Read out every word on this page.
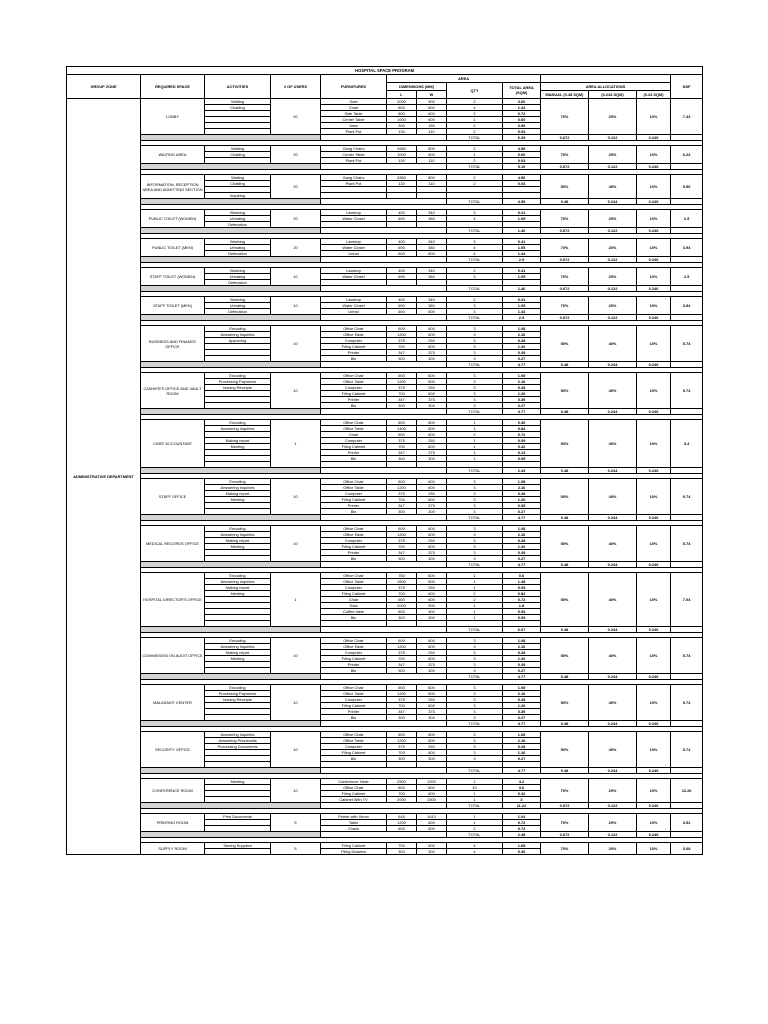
HOSPITAL SPACE PROGRAM												
GROUP ZONE	REQUIRED SPACE	ACTIVITIES	# OF USERS	FURNITURES	AREA							NSF
					DIMENSIONS (MM)		QTY	TOTAL AREA (SQM)	AREA ALLOCATIONS			
					L	W			MANUAL (0.48 SQM)	(0.244 SQM)	(0.24 SQM)	
ADMINISTRATIVE DEPARTMENT	LOBBY	Waiting	20	Sofa	2000	900	2	3.60	70%	20%	10%	7.43
		Chatting		Chair	600	600	4	1.44				
				Side Table	600	600	2	0.72				
				Center Table	1000	600	1	0.60				
				Vase	300	150	2	0.90				
				Plant Pot	130	110	2	0.03				
							TOTAL	6.29	0.672	0.122	0.246	

	WAITING AREA	Waiting	20	Gang Chairs	2650	800	2	4.56	70%	20%	10%	6.23
		Chatting		Center Table	1000	600	1	0.60				
				Plant Pot	130	110	2	0.03				
							TOTAL	5.19	0.672	0.122	0.246	

	INFORMATION, RECEPTION AREA AND ADMITTING SECTION	Waiting	20	Gang Chairs	2850	800	2	4.56	50%	40%	10%	5.56
		Chatting		Plant Pot	130	110	2	0.03				

		Inquiring										
							TOTAL	4.59	0.48	0.244	0.246	

	PUBLIC TOILET (WOMEN)	Washing	20	Lavatory	400	340	3	0.41	70%	20%	10%	2.5
		Urinating		Water Closet	690	380	4	1.05				
		Defecation										
							TOTAL	1.46	0.672	0.122	0.246	

	PUBLIC TOILET (MEN)	Washing	20	Lavatory	400	340	3	0.41	70%	20%	10%	3.94
		Urinating		Water Closet	690	380	4	1.05				
		Defecation		Urinal	600	600	4	1.44				
							TOTAL	2.9	0.672	0.122	0.246	

	STAFF TOILET (WOMEN)	Washing	10	Lavatory	400	340	2	0.41	70%	20%	10%	2.5
		Urinating		Water Closet	690	380	3	1.05				
		Defecation										
							TOTAL	1.46	0.672	0.122	0.246	

	STAFF TOILET (MEN)	Washing	10	Lavatory	400	340	2	0.41	70%	20%	10%	3.94
		Urinating		Water Closet	690	380	3	1.05				
		Defecation		Urinal	600	600	3	1.44				
							TOTAL	2.9	0.672	0.122	0.246	

	BUSINESS AND FINANCE OFFICE	Encoding	10	Office Chair	600	600	3	1.08	50%	40%	10%	5.74
		Answering Inquiries		Office Table	1200	600	3	2.16				
		Approving		Computer	375	250	3	0.28				
				Filing Cabinet	700	600	3	1.26				
				Printer	347	375	3	0.39				
				Bin	300	300	3	0.27				
							TOTAL	4.77	0.48	0.244	0.246	

	CASHIER'S OFFICE AND VAULT ROOM	Encoding	10	Office Chair	600	600	3	1.08	50%	40%	10%	5.74
		Processing Payments		Office Table	1200	600	3	2.16				
		Issuing Receipts		Computer	375	250	3	0.28				
				Filing Cabinet	700	600	3	1.26				
				Printer	347	375	3	0.39				
				Bin	300	300	3	0.27				
							TOTAL	4.77	0.48	0.244	0.246	

	CHIEF ACCOUNTANT	Encoding	1	Office Chair	600	600	1	0.36	50%	40%	10%	3.4
		Answering Inquiries		Office Table	1400	600	1	0.84				
				Chair	600	600	2	0.72				
		Making report		Computer	375	250	1	0.09				
		Meeting		Filing Cabinet	700	600	1	0.42				
				Printer	347	375	1	0.13				
				Bin	300	300	1	0.09				

							TOTAL	2.43	0.48	0.244	0.246	

	STAFF OFFICE	Encoding	10	Office Chair	600	600	3	1.08	50%	40%	10%	5.74
		Answering Inquiries		Office Table	1200	600	3	2.16				
		Making report		Computer	375	250	3	0.28				
		Meeting		Filing Cabinet	700	600	3	1.26				
				Printer	347	375	3	0.39				
				Bin	300	300	3	0.27				
							TOTAL	4.77	0.48	0.244	0.246	

	MEDICAL RECORDS OFFICE	Encoding	10	Office Chair	600	600	3	1.08	50%	40%	10%	5.74
		Answering Inquiries		Office Table	1200	600	3	2.16				
		Making report		Computer	375	250	3	0.28				
		Meeting		Filing Cabinet	700	600	3	1.26				
				Printer	347	375	3	0.39				
				Bin	300	300	3	0.27				
							TOTAL	4.77	0.48	0.244	0.246	

	HOSPITAL DIRECTOR'S OFFICE	Encoding	1	Office Chair	750	600	1	0.6	50%	40%	10%	7.04
		Answering Inquiries		Office Table	1600	600	1	1.48				
		Making report		Computer	375	250	1	0.09				
		Meeting		Filing Cabinet	700	600	2	0.84				
				Chair	600	600	2	0.72				
				Sofa	2000	900	1	1.8				
				Coffee table	600	900	1	0.54				
				Bin	300	300	1	0.09				

							TOTAL	6.07	0.48	0.244	0.246	

	COMMISSION ON AUDIT OFFICE	Encoding	10	Office Chair	600	600	3	1.08	50%	40%	10%	5.74
		Answering Inquiries		Office Table	1200	600	3	2.16				
		Making report		Computer	375	250	3	0.28				
		Meeting		Filing Cabinet	700	600	3	1.26				
				Printer	347	375	3	0.39				
				Bin	300	300	3	0.27				
							TOTAL	4.77	0.48	0.244	0.246	

	MALASAKIT CENTER	Encoding	10	Office Chair	600	600	3	1.08	50%	40%	10%	5.74
		Processing Payments		Office Table	1200	600	3	2.16				
		Issuing Receipts		Computer	375	250	3	0.28				
				Filing Cabinet	700	600	3	1.26				
				Printer	347	375	3	0.39				
				Bin	300	300	3	0.27				
							TOTAL	4.77	0.48	0.244	0.246	

	SECURITY OFFICE	Answering Inquiries	10	Office Chair	600	600	3	1.08	50%	40%	10%	5.74
		Answering Phonecalls		Office Table	1200	600	3	2.16				
		Processing Documents		Computer	375	250	3	0.28				
				Filing Cabinet	700	600	3	1.26				
				Bin	300	300	3	0.27				

							TOTAL	4.77	0.48	0.244	0.246	

	CONFERENCE ROOM	Meeting	10	Conference Table	2500	1200	1	4.2	70%	20%	10%	12.26
				Office Chair	600	600	10	3.6				
				Filing Cabinet	700	600	1	0.42				
				Cabinet With TV	2000	1500	1	3				
							TOTAL	11.22	0.672	0.122	0.246	

	PRINTING ROOM	Print Documents	5	Printer with Xerox	645	1613	1	1.04	70%	20%	10%	3.52
				Table	1200	600	1	0.72				
				Chairs	600	600	2	0.72				
							TOTAL	2.48	0.672	0.122	0.246	

	SUPPLY ROOM	Storing Supplies	5	Filing Cabinet	700	600	4	1.68	70%	20%	10%	3.08
				Filing Drawers	300	300	4	0.36				
